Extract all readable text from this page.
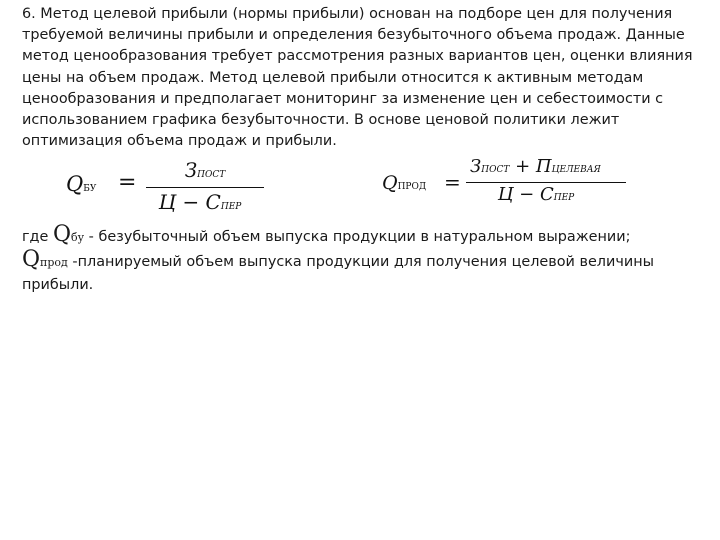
6. Метод целевой прибыли (нормы прибыли) основан на подборе цен для получения требуемой величины прибыли и определения безубыточного объема продаж. Данные метод ценообразования требует рассмотрения разных вариантов цен, оценки влияния цены на объем продаж. Метод целевой прибыли относится к активным методам ценообразования и предполагает мониторинг за изменение цен и себестоимости с использованием графика безубыточности. В основе ценовой политики лежит оптимизация объема продаж и прибыли.

QБУ =	ЗПОСТ
Ц − СПЕР
QПРОД =
ЗПОСТ + ПЦЕЛЕВАЯ
Ц − СПЕР
где Qбу - безубыточный объем выпуска продукции в натуральном выражении;
Qпрод -планируемый объем выпуска продукции для получения целевой величины прибыли.
